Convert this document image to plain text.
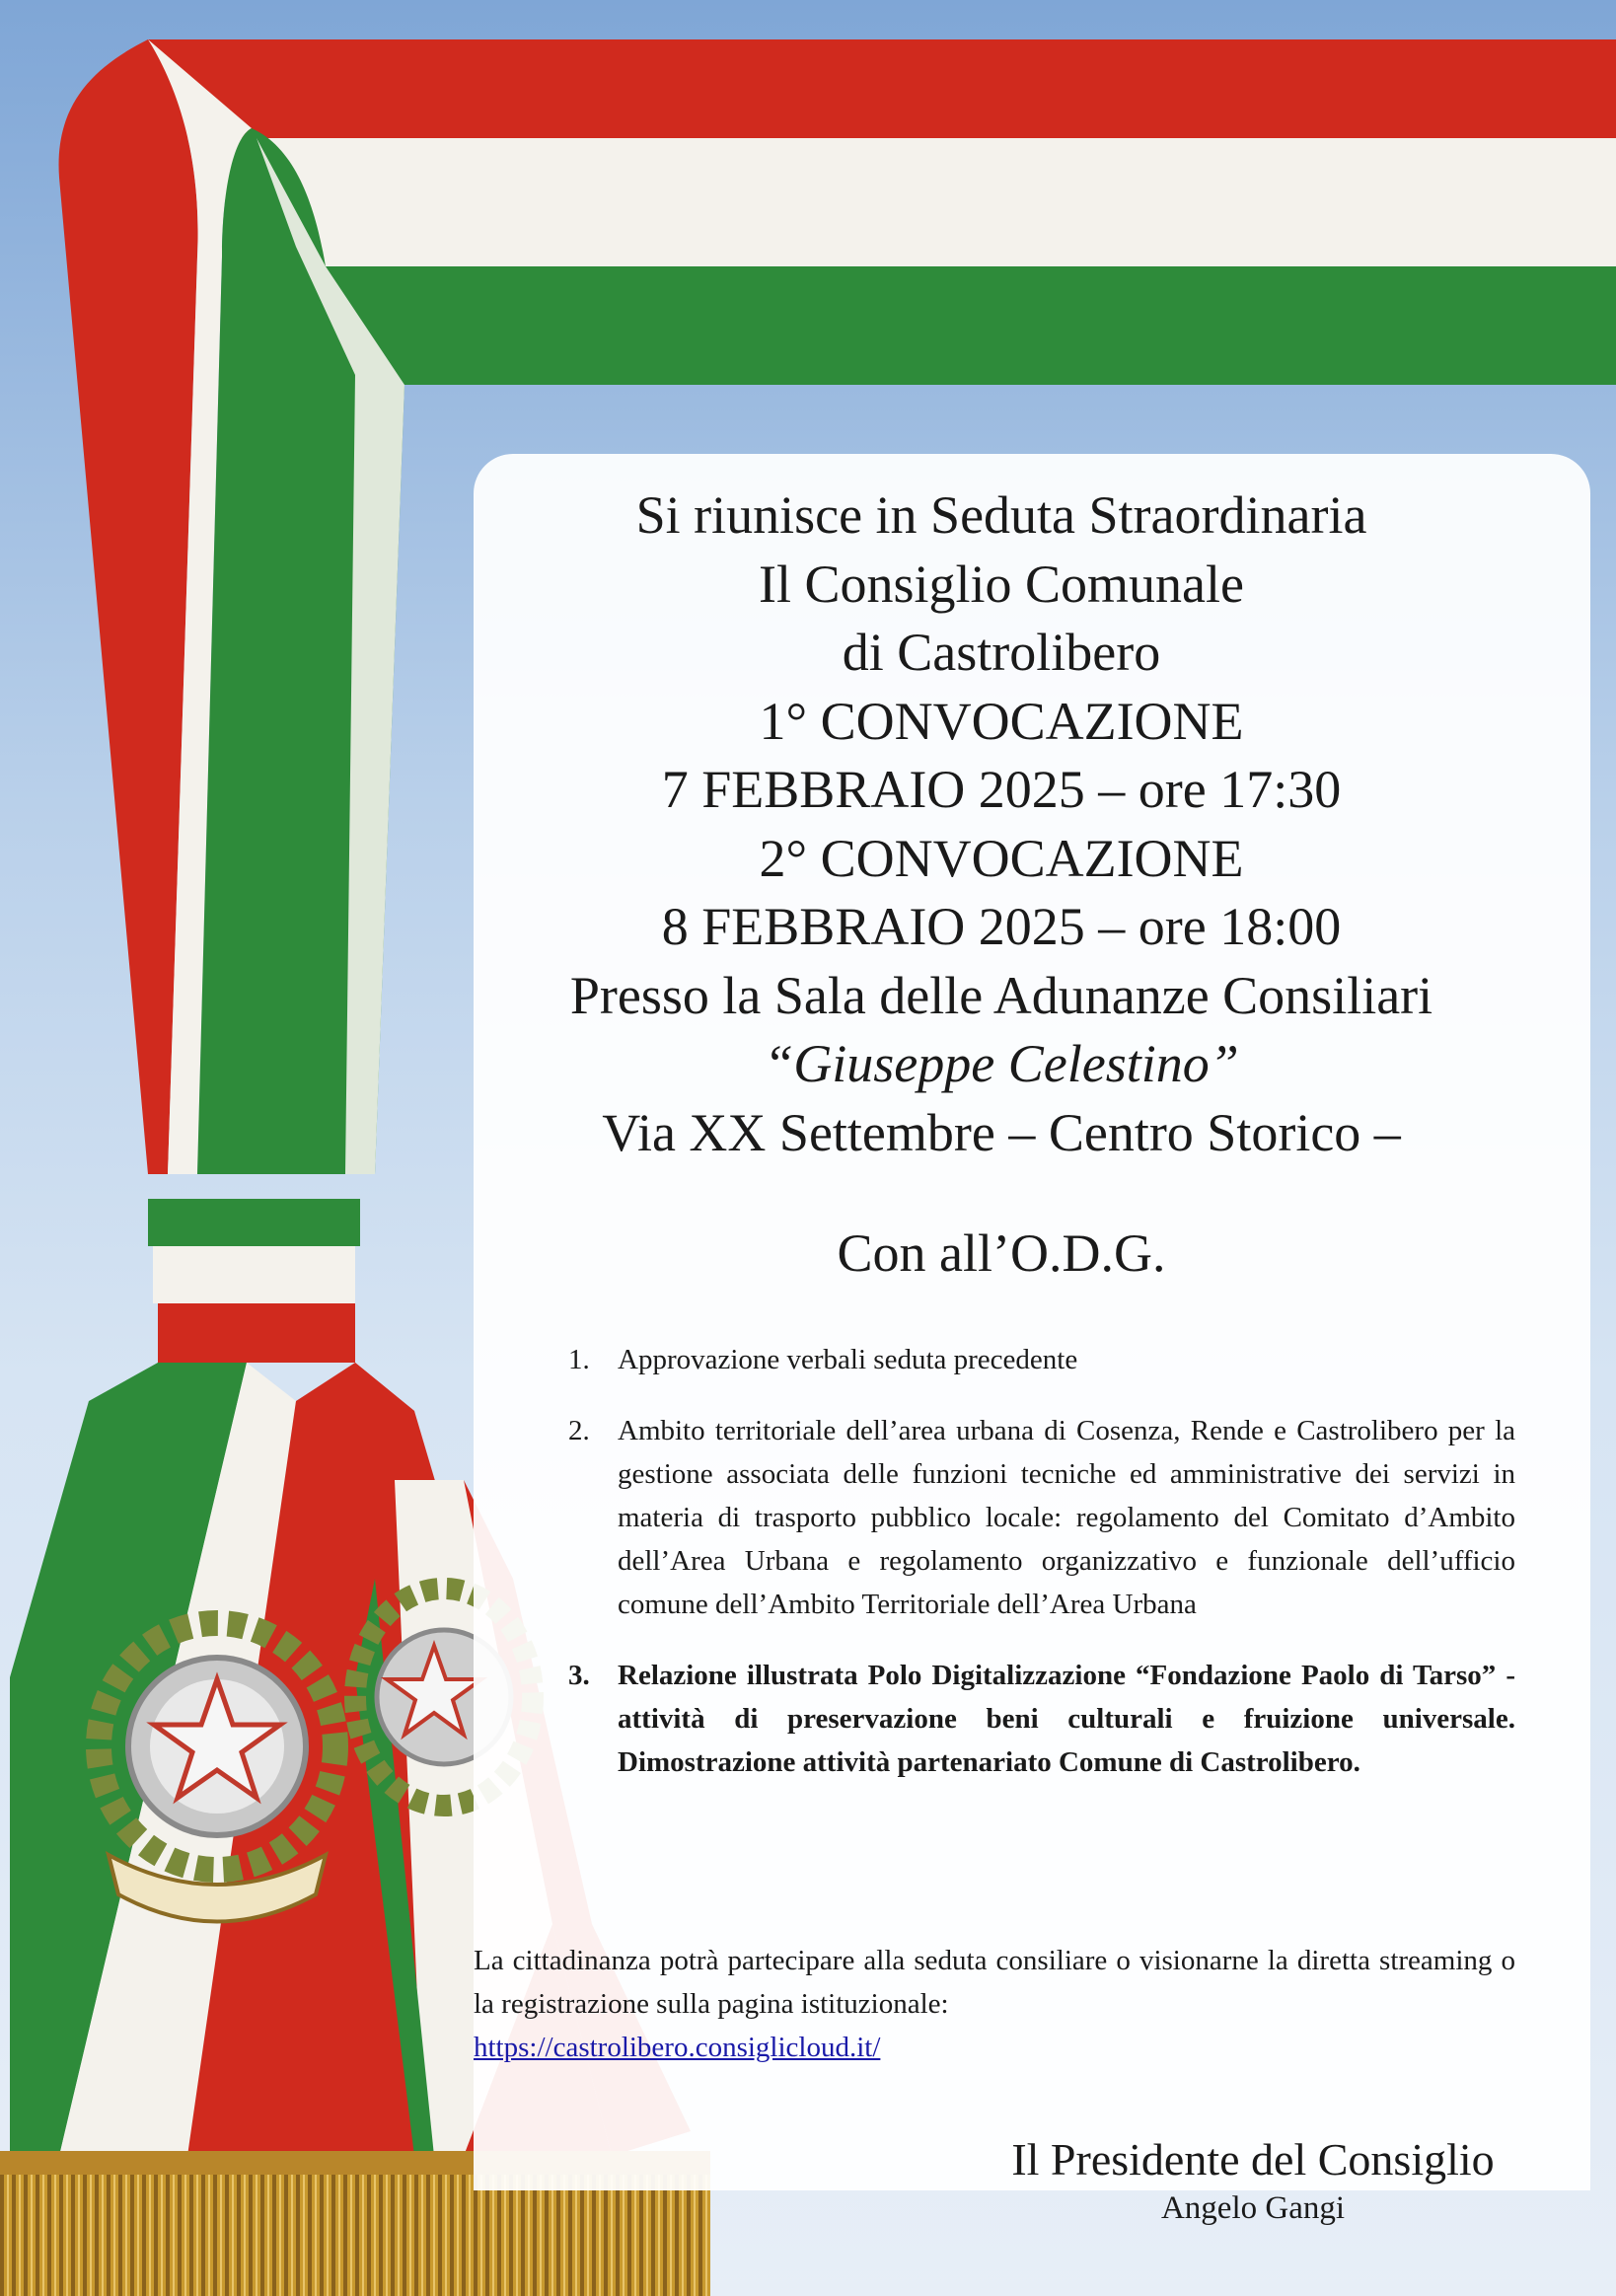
Si riunisce in Seduta Straordinaria
Il Consiglio Comunale
di Castrolibero
1° CONVOCAZIONE
7 FEBBRAIO 2025 – ore 17:30
2° CONVOCAZIONE
8 FEBBRAIO 2025 – ore 18:00
Presso la Sala delle Adunanze Consiliari
“Giuseppe Celestino”
Via XX Settembre – Centro Storico –
Con all’O.D.G.
1. Approvazione verbali seduta precedente
2. Ambito territoriale dell’area urbana di Cosenza, Rende e Castrolibero per la gestione associata delle funzioni tecniche ed amministrative dei servizi in materia di trasporto pubblico locale: regolamento del Comitato d’Ambito dell’Area Urbana e regolamento organizzativo e funzionale dell’ufficio comune dell’Ambito Territoriale dell’Area Urbana
3. Relazione illustrata Polo Digitalizzazione “Fondazione Paolo di Tarso” - attività di preservazione beni culturali e fruizione universale. Dimostrazione attività partenariato Comune di Castrolibero.
La cittadinanza potrà partecipare alla seduta consiliare o visionarne la diretta streaming o la registrazione sulla pagina istituzionale:
https://castrolibero.consiglicloud.it/
Il Presidente del Consiglio
Angelo Gangi
